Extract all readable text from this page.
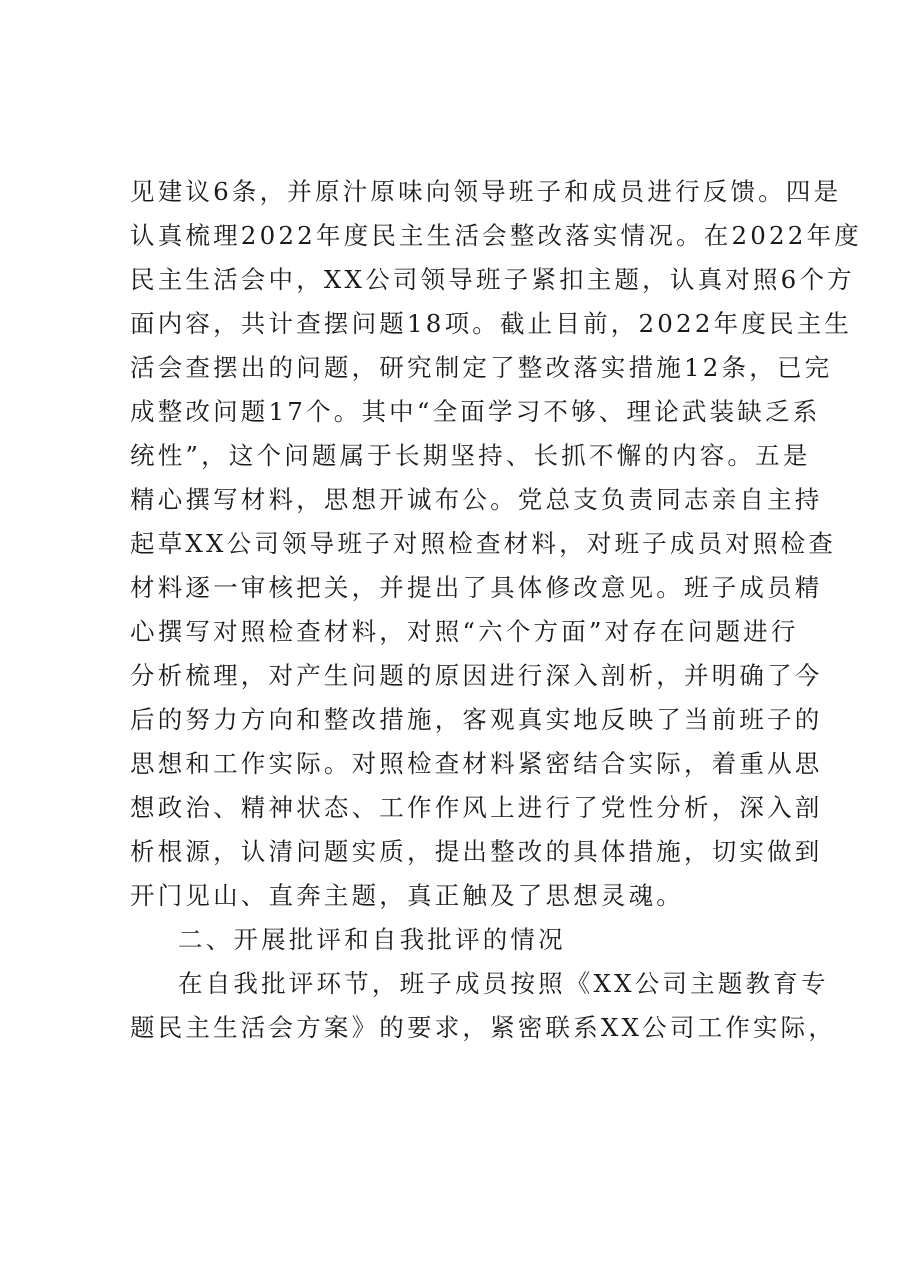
见建议6条，并原汁原味向领导班子和成员进行反馈。四是
认真梳理2022年度民主生活会整改落实情况。在2022年度
民主生活会中，XX公司领导班子紧扣主题，认真对照6个方
面内容，共计查摆问题18项。截止目前，2022年度民主生
活会查摆出的问题，研究制定了整改落实措施12条，已完
成整改问题17个。其中“全面学习不够、理论武装缺乏系
统性”，这个问题属于长期坚持、长抓不懈的内容。五是
精心撰写材料，思想开诚布公。党总支负责同志亲自主持
起草XX公司领导班子对照检查材料，对班子成员对照检查
材料逐一审核把关，并提出了具体修改意见。班子成员精
心撰写对照检查材料，对照“六个方面”对存在问题进行
分析梳理，对产生问题的原因进行深入剖析，并明确了今
后的努力方向和整改措施，客观真实地反映了当前班子的
思想和工作实际。对照检查材料紧密结合实际，着重从思
想政治、精神状态、工作作风上进行了党性分析，深入剖
析根源，认清问题实质，提出整改的具体措施，切实做到
开门见山、直奔主题，真正触及了思想灵魂。
二、开展批评和自我批评的情况
在自我批评环节，班子成员按照《XX公司主题教育专
题民主生活会方案》的要求，紧密联系XX公司工作实际，
